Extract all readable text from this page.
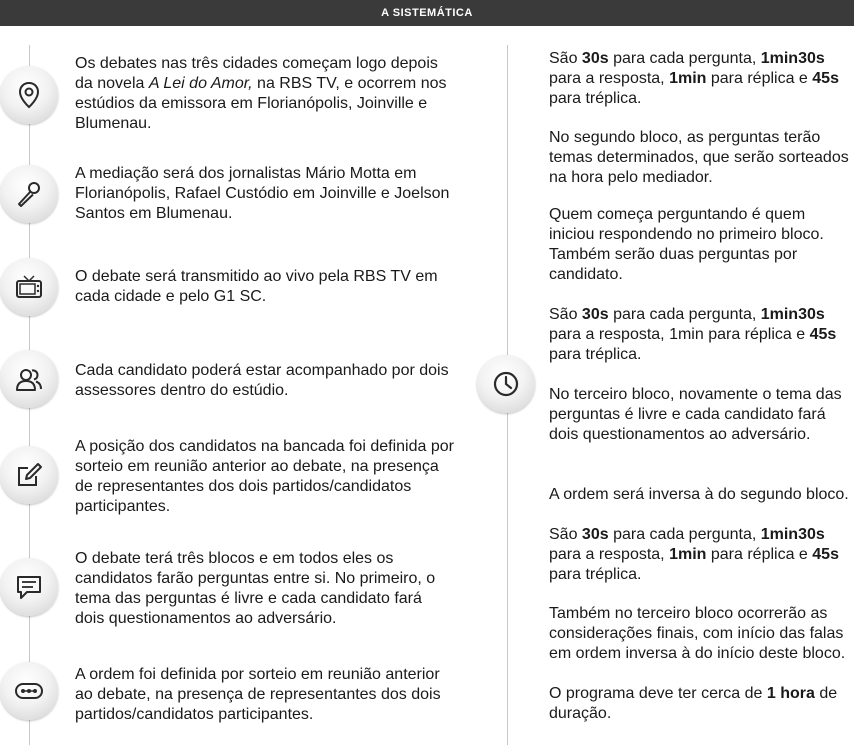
A SISTEMÁTICA

Os debates nas três cidades começam logo depois da novela A Lei do Amor, na RBS TV, e ocorrem nos estúdios da emissora em Florianópolis, Joinville e Blumenau.

A mediação será dos jornalistas Mário Motta em Florianópolis, Rafael Custódio em Joinville e Joelson Santos em Blumenau.

O debate será transmitido ao vivo pela RBS TV em cada cidade e pelo G1 SC.

Cada candidato poderá estar acompanhado por dois assessores dentro do estúdio.

A posição dos candidatos na bancada foi definida por sorteio em reunião anterior ao debate, na presença de representantes dos dois partidos/candidatos participantes.

O debate terá três blocos e em todos eles os candidatos farão perguntas entre si. No primeiro, o tema das perguntas é livre e cada candidato fará dois questionamentos ao adversário.

A ordem foi definida por sorteio em reunião anterior ao debate, na presença de representantes dos dois partidos/candidatos participantes.

São 30s para cada pergunta, 1min30s para a resposta, 1min para réplica e 45s para tréplica.

No segundo bloco, as perguntas terão temas determinados, que serão sorteados na hora pelo mediador.

Quem começa perguntando é quem iniciou respondendo no primeiro bloco. Também serão duas perguntas por candidato.

São 30s para cada pergunta, 1min30s para a resposta, 1min para réplica e 45s para tréplica.

No terceiro bloco, novamente o tema das perguntas é livre e cada candidato fará dois questionamentos ao adversário.

A ordem será inversa à do segundo bloco.

São 30s para cada pergunta, 1min30s para a resposta, 1min para réplica e 45s para tréplica.

Também no terceiro bloco ocorrerão as considerações finais, com início das falas em ordem inversa à do início deste bloco.

O programa deve ter cerca de 1 hora de duração.
